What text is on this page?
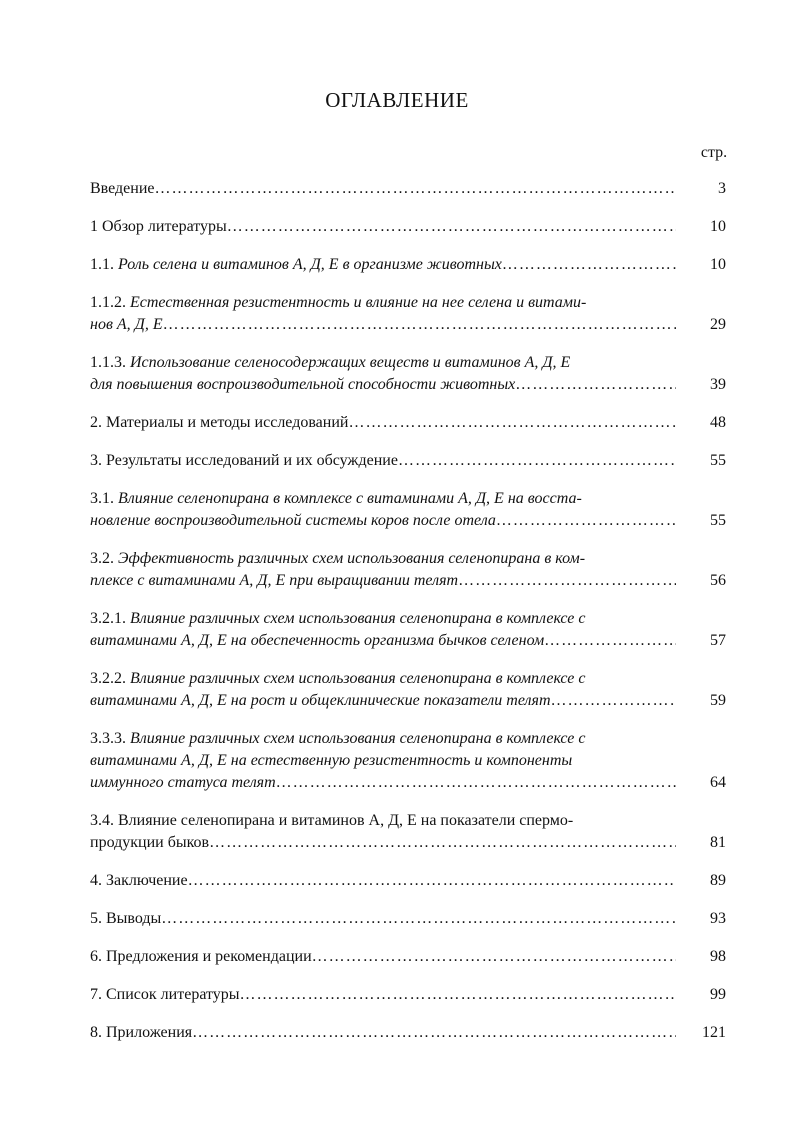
ОГЛАВЛЕНИЕ
стр.
Введение ……………………………………………………………………………………………………………………………	3
1 Обзор литературы ……………………………………………………………………………………………………………………………	10
1.1. Роль селена и витаминов А, Д, Е в организме животных ……………………………………………………………………………………………………………………………	10
1.1.2. Естественная резистентность и влияние на нее селена и витами-
нов А, Д, Е ……………………………………………………………………………………………………………………………	29
1.1.3. Использование селеносодержащих веществ и витаминов А, Д, Е
для повышения воспроизводительной способности животных ……………………………………………………………………………………………………………………………	39
2. Материалы и методы исследований ……………………………………………………………………………………………………………………………	48
3. Результаты исследований и их обсуждение ……………………………………………………………………………………………………………………………	55
3.1. Влияние селенопирана в комплексе с витаминами А, Д, Е на восста-
новление воспроизводительной системы коров после отела ……………………………………………………………………………………………………………………………	55
3.2. Эффективность различных схем использования селенопирана в ком-
плексе с витаминами А, Д, Е при выращивании телят ……………………………………………………………………………………………………………………………	56
3.2.1. Влияние различных схем использования селенопирана в комплексе с
витаминами А, Д, Е на обеспеченность организма бычков селеном ……………………………………………………………………………………………………………………………	57
3.2.2. Влияние различных схем использования селенопирана в комплексе с
витаминами А, Д, Е на рост и общеклинические показатели телят ……………………………………………………………………………………………………………………………	59
3.3.3. Влияние различных схем использования селенопирана в комплексе с
витаминами А, Д, Е на естественную резистентность и компоненты
иммунного статуса телят ……………………………………………………………………………………………………………………………	64
3.4. Влияние селенопирана и витаминов А, Д, Е на показатели спермо-
продукции быков ……………………………………………………………………………………………………………………………	81
4. Заключение ……………………………………………………………………………………………………………………………	89
5. Выводы ……………………………………………………………………………………………………………………………	93
6. Предложения и рекомендации ……………………………………………………………………………………………………………………………	98
7. Список литературы ……………………………………………………………………………………………………………………………	99
8. Приложения ……………………………………………………………………………………………………………………………	121
